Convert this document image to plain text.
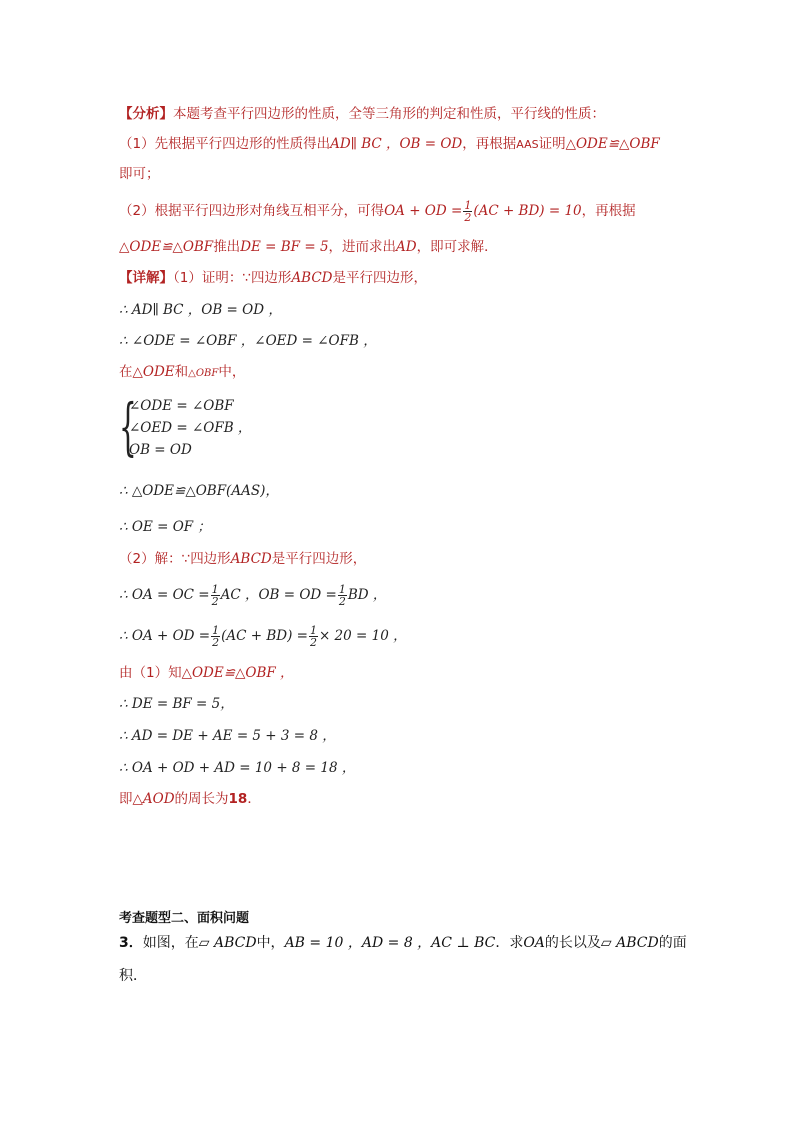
【分析】本题考查平行四边形的性质，全等三角形的判定和性质，平行线的性质：
（1）先根据平行四边形的性质得出AD∥ BC ，OB = OD，再根据AAS证明△ODE≌△OBF
即可；
（2）根据平行四边形对角线互相平分，可得OA + OD = $\frac{1}{2} (AC + BD) = 10$，再根据
△ODE≌△OBF推出DE = BF = 5，进而求出AD，即可求解．
【详解】（1）证明：∵四边形ABCD是平行四边形，
∴ AD∥ BC ，OB = OD ，
∴ ∠ODE = ∠OBF ，∠OED = ∠OFB ，
在△ODE和△OBF中，
{
∠ODE = ∠OBF
∠OED = ∠OFB ，
OB = OD
∴ △ODE≌△OBF(AAS)，
∴ OE = OF ；
（2）解：∵四边形ABCD是平行四边形，
∴ OA = OC = $\frac{1}{2}$ AC ，OB = OD = $\frac{1}{2}$ BD ，
∴ OA + OD = $\frac{1}{2} (AC + BD) = \frac{1}{2} \times 20 = 10$ ，
由（1）知△ODE≌△OBF ，
∴ DE = BF = 5，
∴ AD = DE + AE = 5 + 3 = 8 ，
∴ OA + OD + AD = 10 + 8 = 18 ，
即△AOD的周长为18．
考查题型二、面积问题
3．如图，在▱ ABCD中，AB = 10 ，AD = 8 ，AC ⊥ BC．求OA的长以及▱ ABCD的面
积．
